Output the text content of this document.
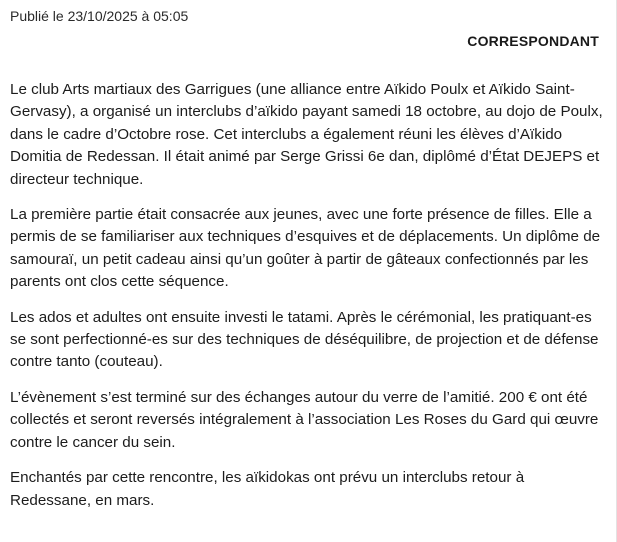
Publié le 23/10/2025 à 05:05
CORRESPONDANT

Le club Arts martiaux des Garrigues (une alliance entre Aïkido Poulx et Aïkido Saint-Gervasy), a organisé un interclubs d’aïkido payant samedi 18 octobre, au dojo de Poulx, dans le cadre d’Octobre rose. Cet interclubs a également réuni les élèves d’Aïkido Domitia de Redessan. Il était animé par Serge Grissi 6e dan, diplômé d’État DEJEPS et directeur technique.

La première partie était consacrée aux jeunes, avec une forte présence de filles. Elle a permis de se familiariser aux techniques d’esquives et de déplacements. Un diplôme de samouraï, un petit cadeau ainsi qu’un goûter à partir de gâteaux confectionnés par les parents ont clos cette séquence.

Les ados et adultes ont ensuite investi le tatami. Après le cérémonial, les pratiquant-es se sont perfectionné-es sur des techniques de déséquilibre, de projection et de défense contre tanto (couteau).

L’évènement s’est terminé sur des échanges autour du verre de l’amitié. 200 € ont été collectés et seront reversés intégralement à l’association Les Roses du Gard qui œuvre contre le cancer du sein.

Enchantés par cette rencontre, les aïkidokas ont prévu un interclubs retour à Redessane, en mars.
